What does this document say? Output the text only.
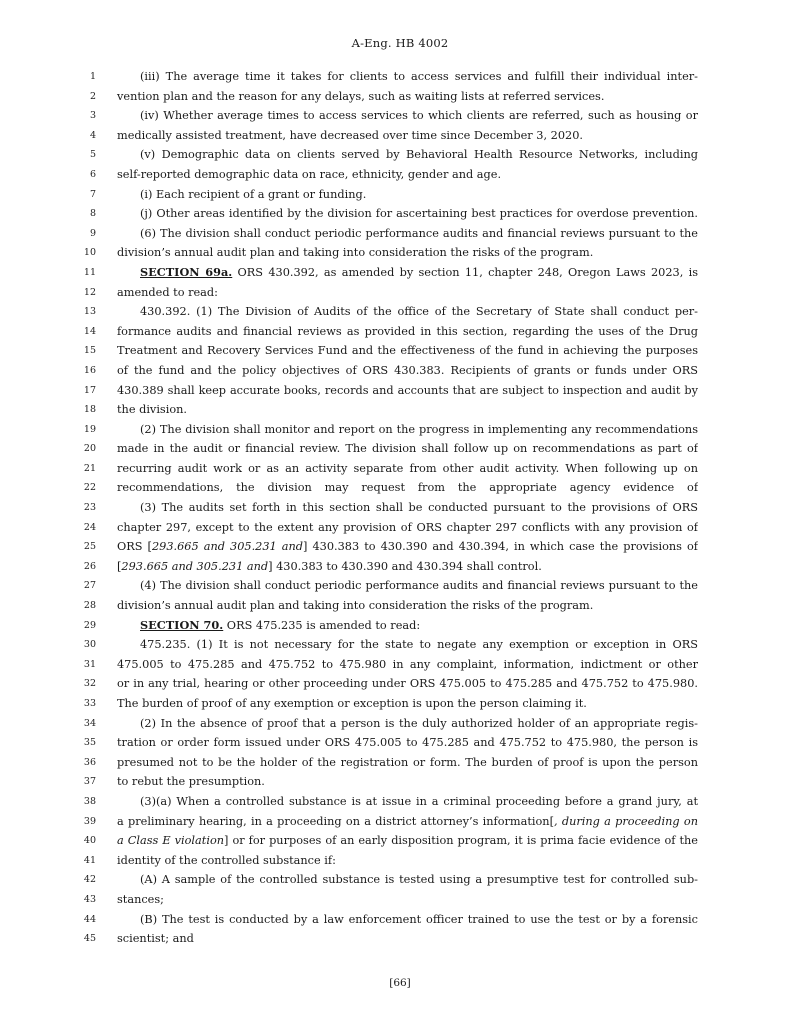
A-Eng. HB 4002
1	(iii) The average time it takes for clients to access services and fulfill their individual inter-
2 vention plan and the reason for any delays, such as waiting lists at referred services.
3	(iv) Whether average times to access services to which clients are referred, such as housing or
4 medically assisted treatment, have decreased over time since December 3, 2020.
5	(v) Demographic data on clients served by Behavioral Health Resource Networks, including
6 self-reported demographic data on race, ethnicity, gender and age.
7	(i) Each recipient of a grant or funding.
8	(j) Other areas identified by the division for ascertaining best practices for overdose prevention.
9	(6) The division shall conduct periodic performance audits and financial reviews pursuant to the
10 division’s annual audit plan and taking into consideration the risks of the program.
11	SECTION 69a. ORS 430.392, as amended by section 11, chapter 248, Oregon Laws 2023, is
12 amended to read:
13	430.392. (1) The Division of Audits of the office of the Secretary of State shall conduct per-
14 formance audits and financial reviews as provided in this section, regarding the uses of the Drug
15 Treatment and Recovery Services Fund and the effectiveness of the fund in achieving the purposes
16 of the fund and the policy objectives of ORS 430.383. Recipients of grants or funds under ORS
17 430.389 shall keep accurate books, records and accounts that are subject to inspection and audit by
18 the division.
19	(2) The division shall monitor and report on the progress in implementing any recommendations
20 made in the audit or financial review. The division shall follow up on recommendations as part of
21 recurring audit work or as an activity separate from other audit activity. When following up on
22 recommendations, the division may request from the appropriate agency evidence of
23	(3) The audits set forth in this section shall be conducted pursuant to the provisions of ORS
24 chapter 297, except to the extent any provision of ORS chapter 297 conflicts with any provision of
25 ORS [293.665 and 305.231 and] 430.383 to 430.390 and 430.394, in which case the provisions of
26 [293.665 and 305.231 and] 430.383 to 430.390 and 430.394 shall control.
27	(4) The division shall conduct periodic performance audits and financial reviews pursuant to the
28 division’s annual audit plan and taking into consideration the risks of the program.
29	SECTION 70. ORS 475.235 is amended to read:
30	475.235. (1) It is not necessary for the state to negate any exemption or exception in ORS
31 475.005 to 475.285 and 475.752 to 475.980 in any complaint, information, indictment or other
32 or in any trial, hearing or other proceeding under ORS 475.005 to 475.285 and 475.752 to 475.980.
33 The burden of proof of any exemption or exception is upon the person claiming it.
34	(2) In the absence of proof that a person is the duly authorized holder of an appropriate regis-
35 tration or order form issued under ORS 475.005 to 475.285 and 475.752 to 475.980, the person is
36 presumed not to be the holder of the registration or form. The burden of proof is upon the person
37 to rebut the presumption.
38	(3)(a) When a controlled substance is at issue in a criminal proceeding before a grand jury, at
39 a preliminary hearing, in a proceeding on a district attorney’s information[, during a proceeding on
40 a Class E violation] or for purposes of an early disposition program, it is prima facie evidence of the
41 identity of the controlled substance if:
42	(A) A sample of the controlled substance is tested using a presumptive test for controlled sub-
43 stances;
44	(B) The test is conducted by a law enforcement officer trained to use the test or by a forensic
45 scientist; and
[66]
